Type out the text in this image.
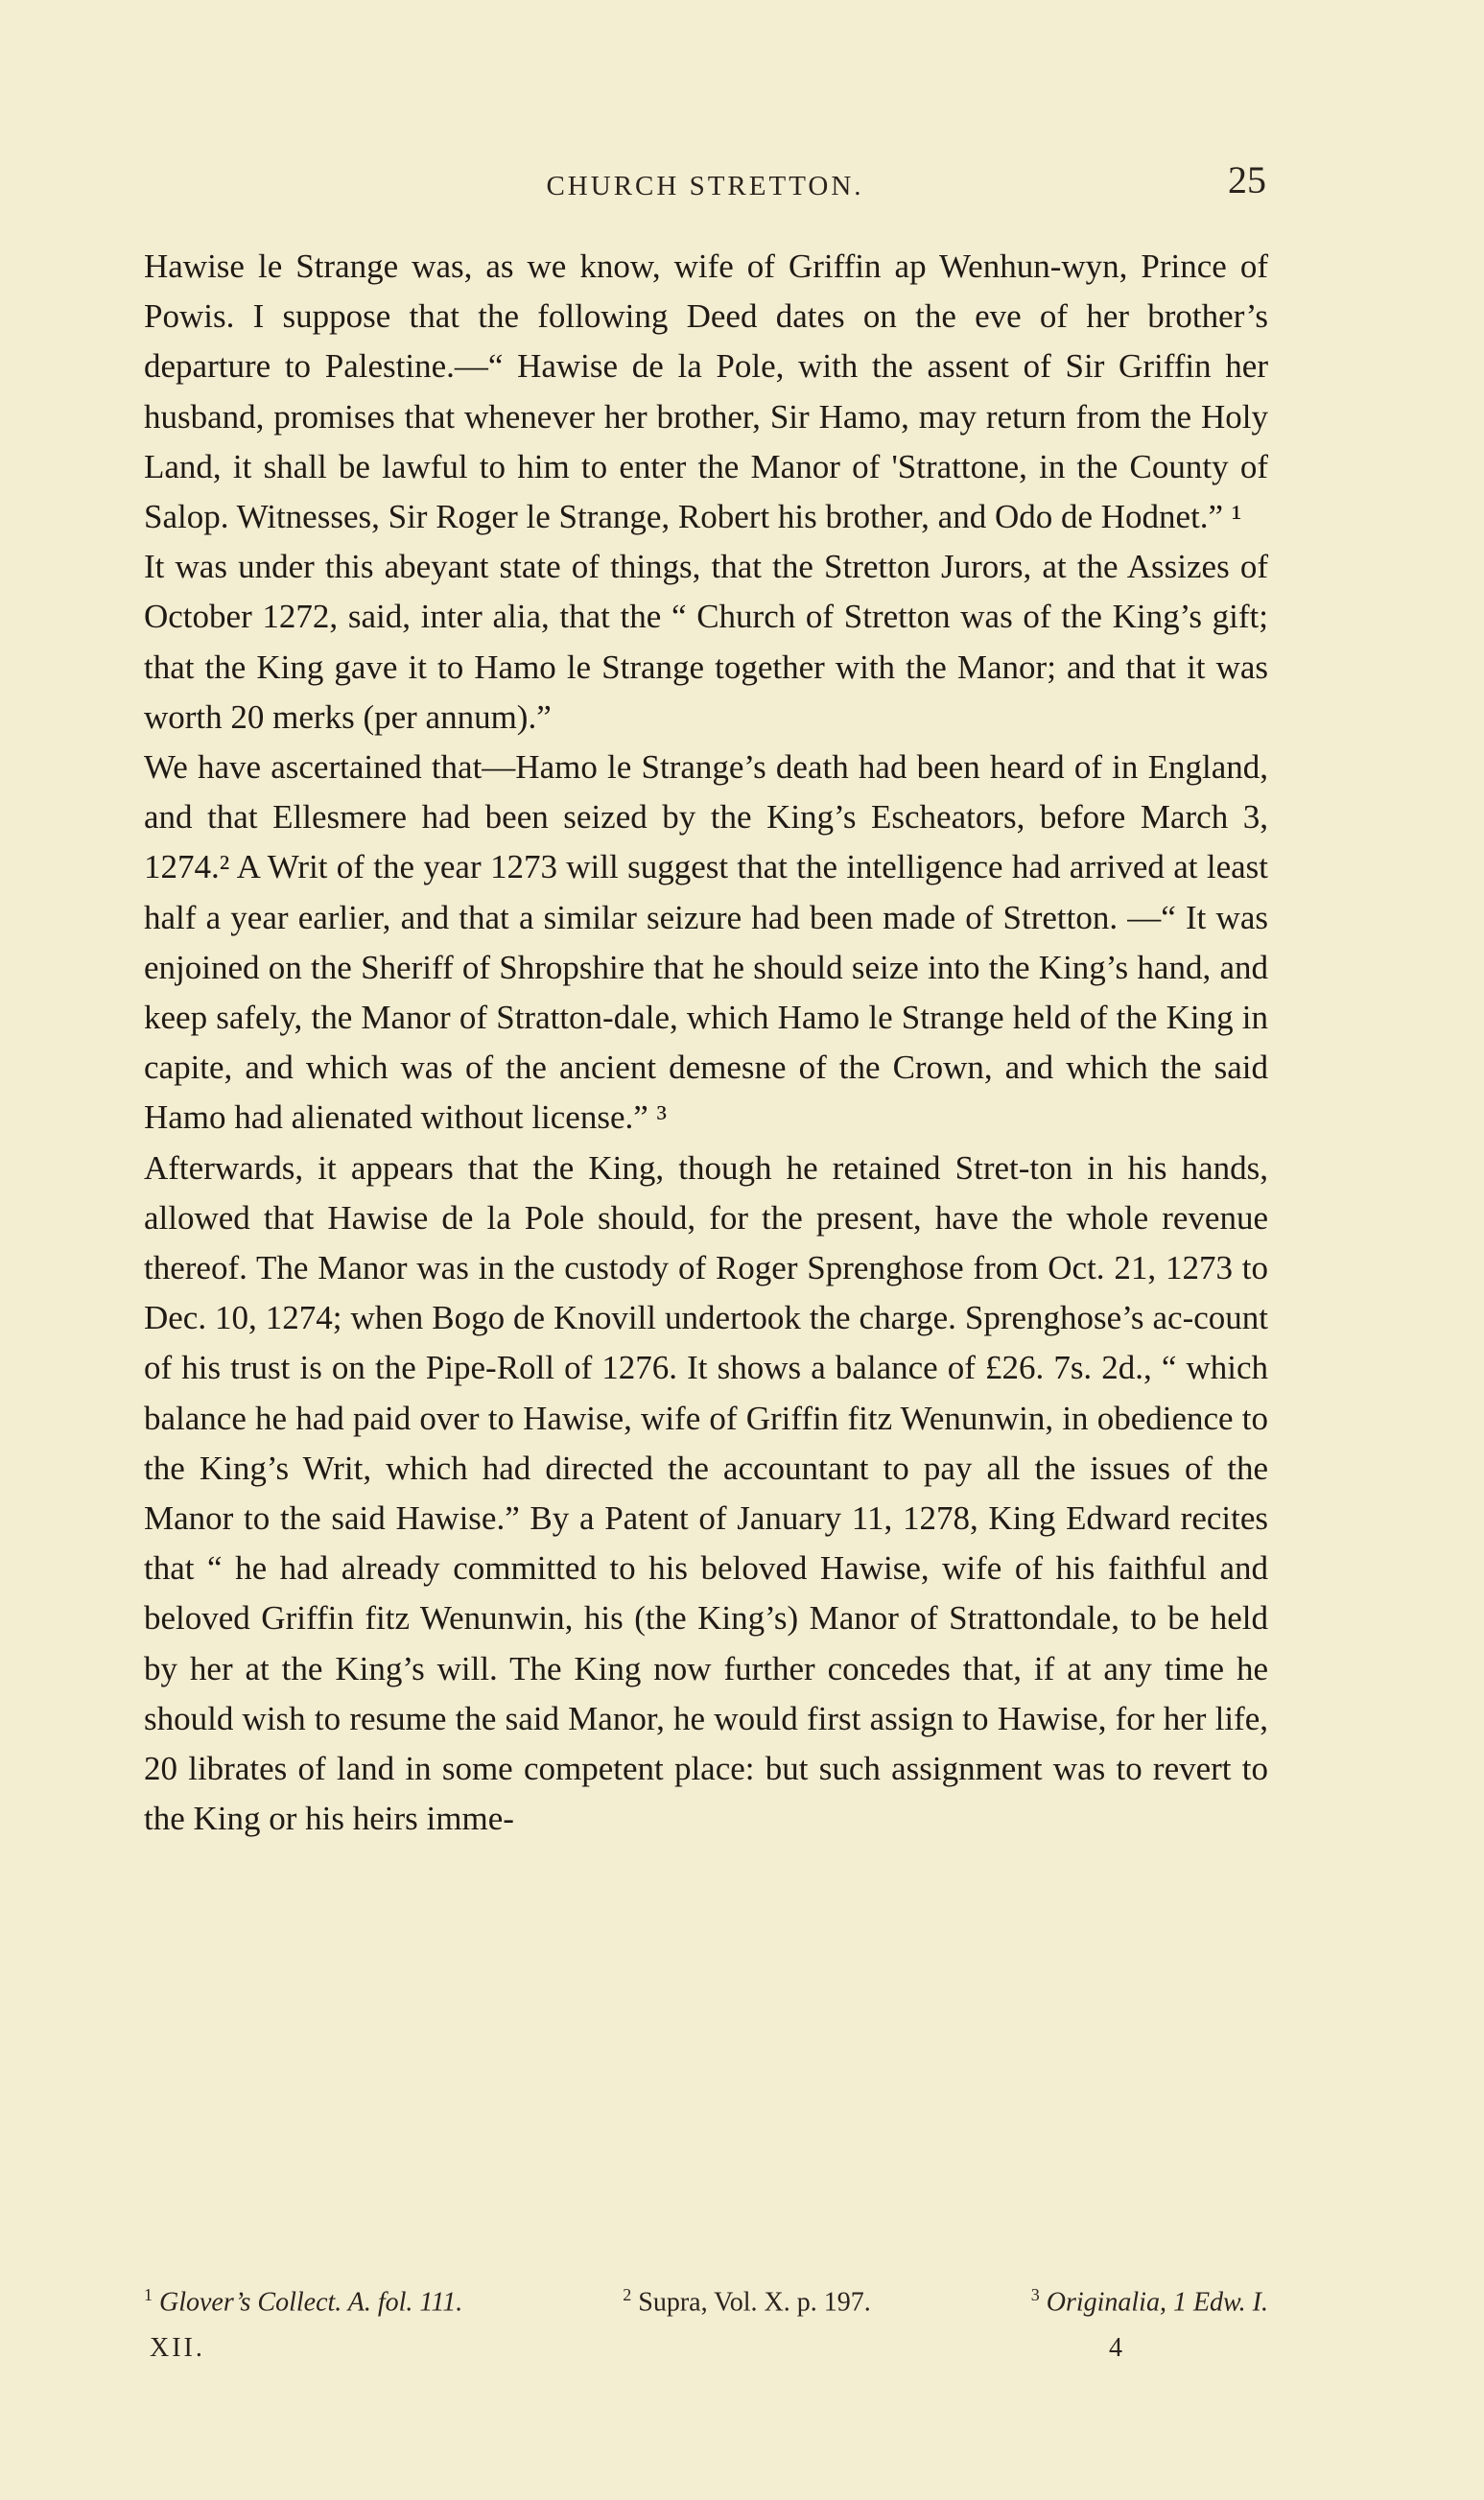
CHURCH STRETTON.	25

Hawise le Strange was, as we know, wife of Griffin ap Wenhun-wyn, Prince of Powis. I suppose that the following Deed dates on the eve of her brother’s departure to Palestine.—“ Hawise de la Pole, with the assent of Sir Griffin her husband, promises that whenever her brother, Sir Hamo, may return from the Holy Land, it shall be lawful to him to enter the Manor of 'Strattone, in the County of Salop. Witnesses, Sir Roger le Strange, Robert his brother, and Odo de Hodnet.” ¹

It was under this abeyant state of things, that the Stretton Jurors, at the Assizes of October 1272, said, inter alia, that the “ Church of Stretton was of the King’s gift; that the King gave it to Hamo le Strange together with the Manor; and that it was worth 20 merks (per annum).”

We have ascertained that—Hamo le Strange’s death had been heard of in England, and that Ellesmere had been seized by the King’s Escheators, before March 3, 1274.² A Writ of the year 1273 will suggest that the intelligence had arrived at least half a year earlier, and that a similar seizure had been made of Stretton. —“ It was enjoined on the Sheriff of Shropshire that he should seize into the King’s hand, and keep safely, the Manor of Stratton-dale, which Hamo le Strange held of the King in capite, and which was of the ancient demesne of the Crown, and which the said Hamo had alienated without license.” ³

Afterwards, it appears that the King, though he retained Stret-ton in his hands, allowed that Hawise de la Pole should, for the present, have the whole revenue thereof. The Manor was in the custody of Roger Sprenghose from Oct. 21, 1273 to Dec. 10, 1274; when Bogo de Knovill undertook the charge. Sprenghose’s ac-count of his trust is on the Pipe-Roll of 1276. It shows a balance of £26. 7s. 2d., “ which balance he had paid over to Hawise, wife of Griffin fitz Wenunwin, in obedience to the King’s Writ, which had directed the accountant to pay all the issues of the Manor to the said Hawise.” By a Patent of January 11, 1278, King Edward recites that “ he had already committed to his beloved Hawise, wife of his faithful and beloved Griffin fitz Wenunwin, his (the King’s) Manor of Strattondale, to be held by her at the King’s will. The King now further concedes that, if at any time he should wish to resume the said Manor, he would first assign to Hawise, for her life, 20 librates of land in some competent place: but such assignment was to revert to the King or his heirs imme-

$^1$ Glover’s Collect. A. fol. 111.	$^2$ Supra, Vol. X. p. 197.	$^3$ Originalia, 1 Edw. I.
XII.	4
